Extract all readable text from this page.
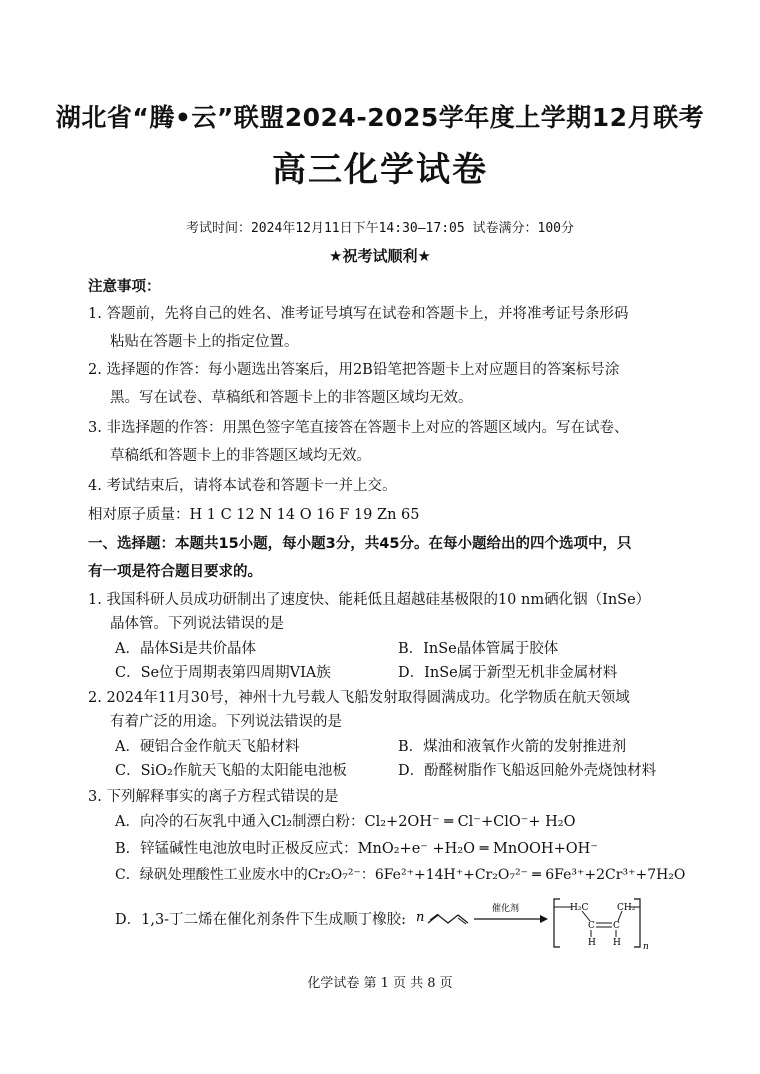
湖北省“腾•云”联盟2024-2025学年度上学期12月联考
高三化学试卷
考试时间：2024年12月11日下午14:30—17:05 试卷满分：100分
★祝考试顺利★
注意事项：
1. 答题前，先将自己的姓名、准考证号填写在试卷和答题卡上，并将准考证号条形码
粘贴在答题卡上的指定位置。
2. 选择题的作答：每小题选出答案后，用2B铅笔把答题卡上对应题目的答案标号涂
黑。写在试卷、草稿纸和答题卡上的非答题区域均无效。
3. 非选择题的作答：用黑色签字笔直接答在答题卡上对应的答题区域内。写在试卷、
草稿纸和答题卡上的非答题区域均无效。
4. 考试结束后，请将本试卷和答题卡一并上交。
相对原子质量：H 1 C 12 N 14 O 16 F 19 Zn 65
一、选择题：本题共15小题，每小题3分，共45分。在每小题给出的四个选项中，只
有一项是符合题目要求的。
1. 我国科研人员成功研制出了速度快、能耗低且超越硅基极限的10 nm硒化铟（InSe）
晶体管。下列说法错误的是
A．晶体Si是共价晶体	B．InSe晶体管属于胶体
C．Se位于周期表第四周期VIA族	D．InSe属于新型无机非金属材料
2. 2024年11月30号，神州十九号载人飞船发射取得圆满成功。化学物质在航天领域
有着广泛的用途。下列说法错误的是
A．硬铝合金作航天飞船材料	B．煤油和液氧作火箭的发射推进剂
C．SiO₂作航天飞船的太阳能电池板	D．酚醛树脂作飞船返回舱外壳烧蚀材料
3. 下列解释事实的离子方程式错误的是
A．向冷的石灰乳中通入Cl₂制漂白粉：Cl₂+2OH⁻ ═ Cl⁻+ClO⁻+ H₂O
B．锌锰碱性电池放电时正极反应式：MnO₂+e⁻ +H₂O ═ MnOOH+OH⁻
C．绿矾处理酸性工业废水中的Cr₂O₇²⁻：6Fe²⁺+14H⁺+Cr₂O₇²⁻ ═ 6Fe³⁺+2Cr³⁺+7H₂O
D．1,3-丁二烯在催化剂条件下生成顺丁橡胶: n
催化剂	H₂C
C C
CH₂
H H n
化学试卷 第 1 页 共 8 页
